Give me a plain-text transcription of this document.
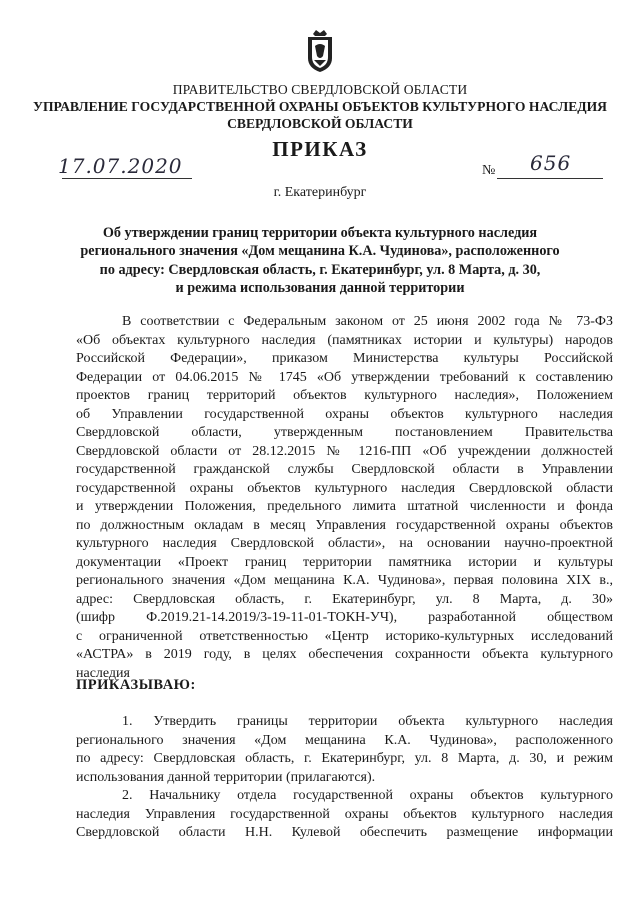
ПРАВИТЕЛЬСТВО СВЕРДЛОВСКОЙ ОБЛАСТИ
УПРАВЛЕНИЕ ГОСУДАРСТВЕННОЙ ОХРАНЫ ОБЪЕКТОВ КУЛЬТУРНОГО НАСЛЕДИЯ
СВЕРДЛОВСКОЙ ОБЛАСТИ
ПРИКАЗ
17.07.2020	№ 656
г. Екатеринбург
Об утверждении границ территории объекта культурного наследия
регионального значения «Дом мещанина К.А. Чудинова», расположенного
по адресу: Свердловская область, г. Екатеринбург, ул. 8 Марта, д. 30,
и режима использования данной территории
В соответствии с Федеральным законом от 25 июня 2002 года № 73-ФЗ
«Об объектах культурного наследия (памятниках истории и культуры) народов
Российской Федерации», приказом Министерства культуры Российской
Федерации от 04.06.2015 № 1745 «Об утверждении требований к составлению
проектов границ территорий объектов культурного наследия», Положением
об Управлении государственной охраны объектов культурного наследия
Свердловской области, утвержденным постановлением Правительства
Свердловской области от 28.12.2015 № 1216-ПП «Об учреждении должностей
государственной гражданской службы Свердловской области в Управлении
государственной охраны объектов культурного наследия Свердловской области
и утверждении Положения, предельного лимита штатной численности и фонда
по должностным окладам в месяц Управления государственной охраны объектов
культурного наследия Свердловской области», на основании научно-проектной
документации «Проект границ территории памятника истории и культуры
регионального значения «Дом мещанина К.А. Чудинова», первая половина XIX в.,
адрес: Свердловская область, г. Екатеринбург, ул. 8 Марта, д. 30»
(шифр Ф.2019.21-14.2019/3-19-11-01-ТОКН-УЧ), разработанной обществом
с ограниченной ответственностью «Центр историко-культурных исследований
«АСТРА» в 2019 году, в целях обеспечения сохранности объекта культурного
наследия
ПРИКАЗЫВАЮ:
1. Утвердить границы территории объекта культурного наследия
регионального значения «Дом мещанина К.А. Чудинова», расположенного
по адресу: Свердловская область, г. Екатеринбург, ул. 8 Марта, д. 30, и режим
использования данной территории (прилагаются).
2. Начальнику отдела государственной охраны объектов культурного
наследия Управления государственной охраны объектов культурного наследия
Свердловской области Н.Н. Кулевой обеспечить размещение информации
